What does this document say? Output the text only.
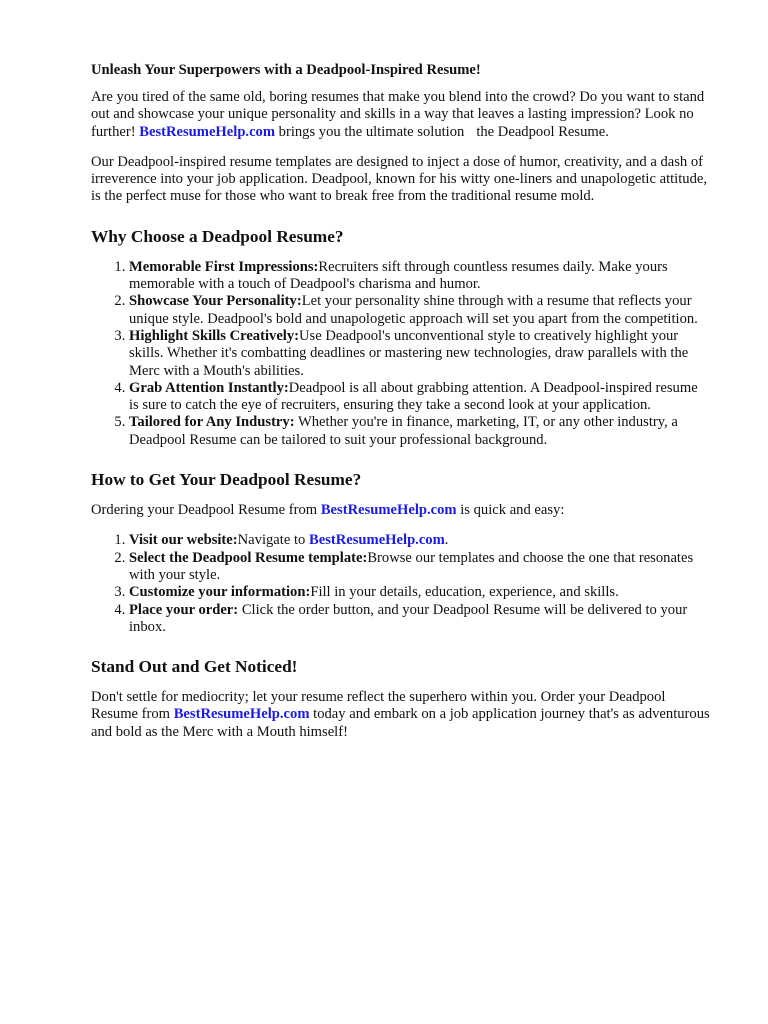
Unleash Your Superpowers with a Deadpool-Inspired Resume!

Are you tired of the same old, boring resumes that make you blend into the crowd? Do you want to stand out and showcase your unique personality and skills in a way that leaves a lasting impression? Look no further! BestResumeHelp.com brings you the ultimate solution the Deadpool Resume.

Our Deadpool-inspired resume templates are designed to inject a dose of humor, creativity, and a dash of irreverence into your job application. Deadpool, known for his witty one-liners and unapologetic attitude, is the perfect muse for those who want to break free from the traditional resume mold.

Why Choose a Deadpool Resume?
1. Memorable First Impressions:Recruiters sift through countless resumes daily. Make yours memorable with a touch of Deadpool's charisma and humor.
2. Showcase Your Personality:Let your personality shine through with a resume that reflects your unique style. Deadpool's bold and unapologetic approach will set you apart from the competition.
3. Highlight Skills Creatively:Use Deadpool's unconventional style to creatively highlight your skills. Whether it's combatting deadlines or mastering new technologies, draw parallels with the Merc with a Mouth's abilities.
4. Grab Attention Instantly:Deadpool is all about grabbing attention. A Deadpool-inspired resume is sure to catch the eye of recruiters, ensuring they take a second look at your application.
5. Tailored for Any Industry: Whether you're in finance, marketing, IT, or any other industry, a Deadpool Resume can be tailored to suit your professional background.
How to Get Your Deadpool Resume?

Ordering your Deadpool Resume from BestResumeHelp.com is quick and easy:

1. Visit our website:Navigate to BestResumeHelp.com.
2. Select the Deadpool Resume template:Browse our templates and choose the one that resonates with your style.
3. Customize your information:Fill in your details, education, experience, and skills.
4. Place your order: Click the order button, and your Deadpool Resume will be delivered to your inbox.
Stand Out and Get Noticed!

Don't settle for mediocrity; let your resume reflect the superhero within you. Order your Deadpool Resume from BestResumeHelp.com today and embark on a job application journey that's as adventurous and bold as the Merc with a Mouth himself!
